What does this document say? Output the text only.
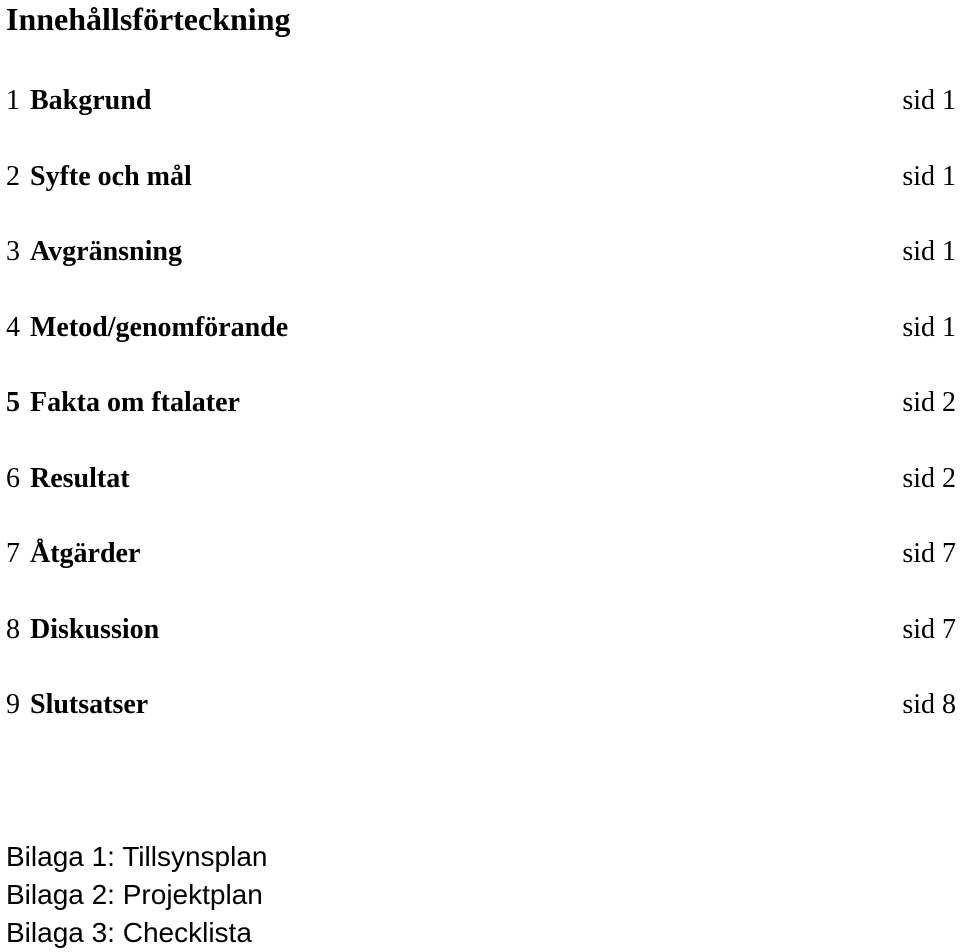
Innehållsförteckning
1 Bakgrund	sid 1
2 Syfte och mål	sid 1
3 Avgränsning	sid 1
4 Metod/genomförande	sid 1
5 Fakta om ftalater	sid 2
6 Resultat	sid 2
7 Åtgärder	sid 7
8 Diskussion	sid 7
9 Slutsatser	sid 8
Bilaga 1: Tillsynsplan
Bilaga 2: Projektplan
Bilaga 3: Checklista
